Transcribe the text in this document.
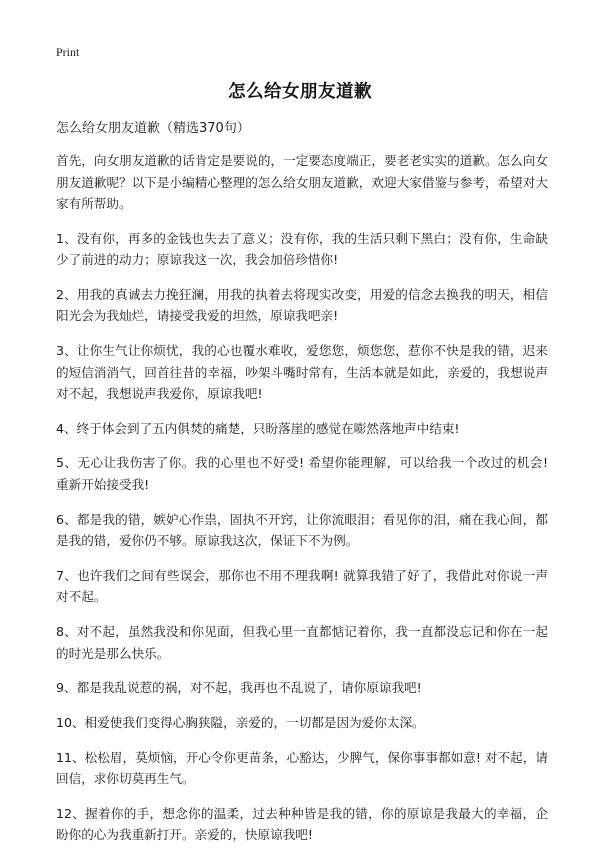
Print
怎么给女朋友道歉

怎么给女朋友道歉（精选370句）

首先，向女朋友道歉的话肯定是要说的，一定要态度端正，要老老实实的道歉。怎么向女朋友道歉呢？以下是小编精心整理的怎么给女朋友道歉，欢迎大家借鉴与参考，希望对大家有所帮助。

1、没有你，再多的金钱也失去了意义；没有你，我的生活只剩下黑白；没有你，生命缺少了前进的动力；原谅我这一次，我会加倍珍惜你!

2、用我的真诚去力挽狂澜，用我的执着去将现实改变，用爱的信念去换我的明天，相信阳光会为我灿烂，请接受我爱的坦然，原谅我吧亲!

3、让你生气让你烦忧，我的心也覆水难收，爱您您，烦您您，惹你不快是我的错，迟来的短信消消气，回首往昔的幸福，吵架斗嘴时常有，生活本就是如此，亲爱的，我想说声对不起，我想说声我爱你，原谅我吧!

4、终于体会到了五内俱焚的痛楚，只盼落崖的感觉在嘭然落地声中结束!

5、无心让我伤害了你。我的心里也不好受! 希望你能理解，可以给我一个改过的机会! 重新开始接受我!

6、都是我的错，嫉妒心作祟，固执不开窍，让你流眼泪；看见你的泪，痛在我心间，都是我的错，爱你仍不够。原谅我这次，保证下不为例。

7、也许我们之间有些误会，那你也不用不理我啊! 就算我错了好了，我借此对你说一声对不起。

8、对不起，虽然我没和你见面，但我心里一直都惦记着你，我一直都没忘记和你在一起的时光是那么快乐。

9、都是我乱说惹的祸，对不起，我再也不乱说了，请你原谅我吧!

10、相爱使我们变得心胸狭隘，亲爱的，一切都是因为爱你太深。

11、松松眉，莫烦恼，开心令你更苗条，心豁达，少脾气，保你事事都如意! 对不起，请回信，求你切莫再生气。

12、握着你的手，想念你的温柔，过去种种皆是我的错，你的原谅是我最大的幸福，企盼你的心为我重新打开。亲爱的，快原谅我吧!
